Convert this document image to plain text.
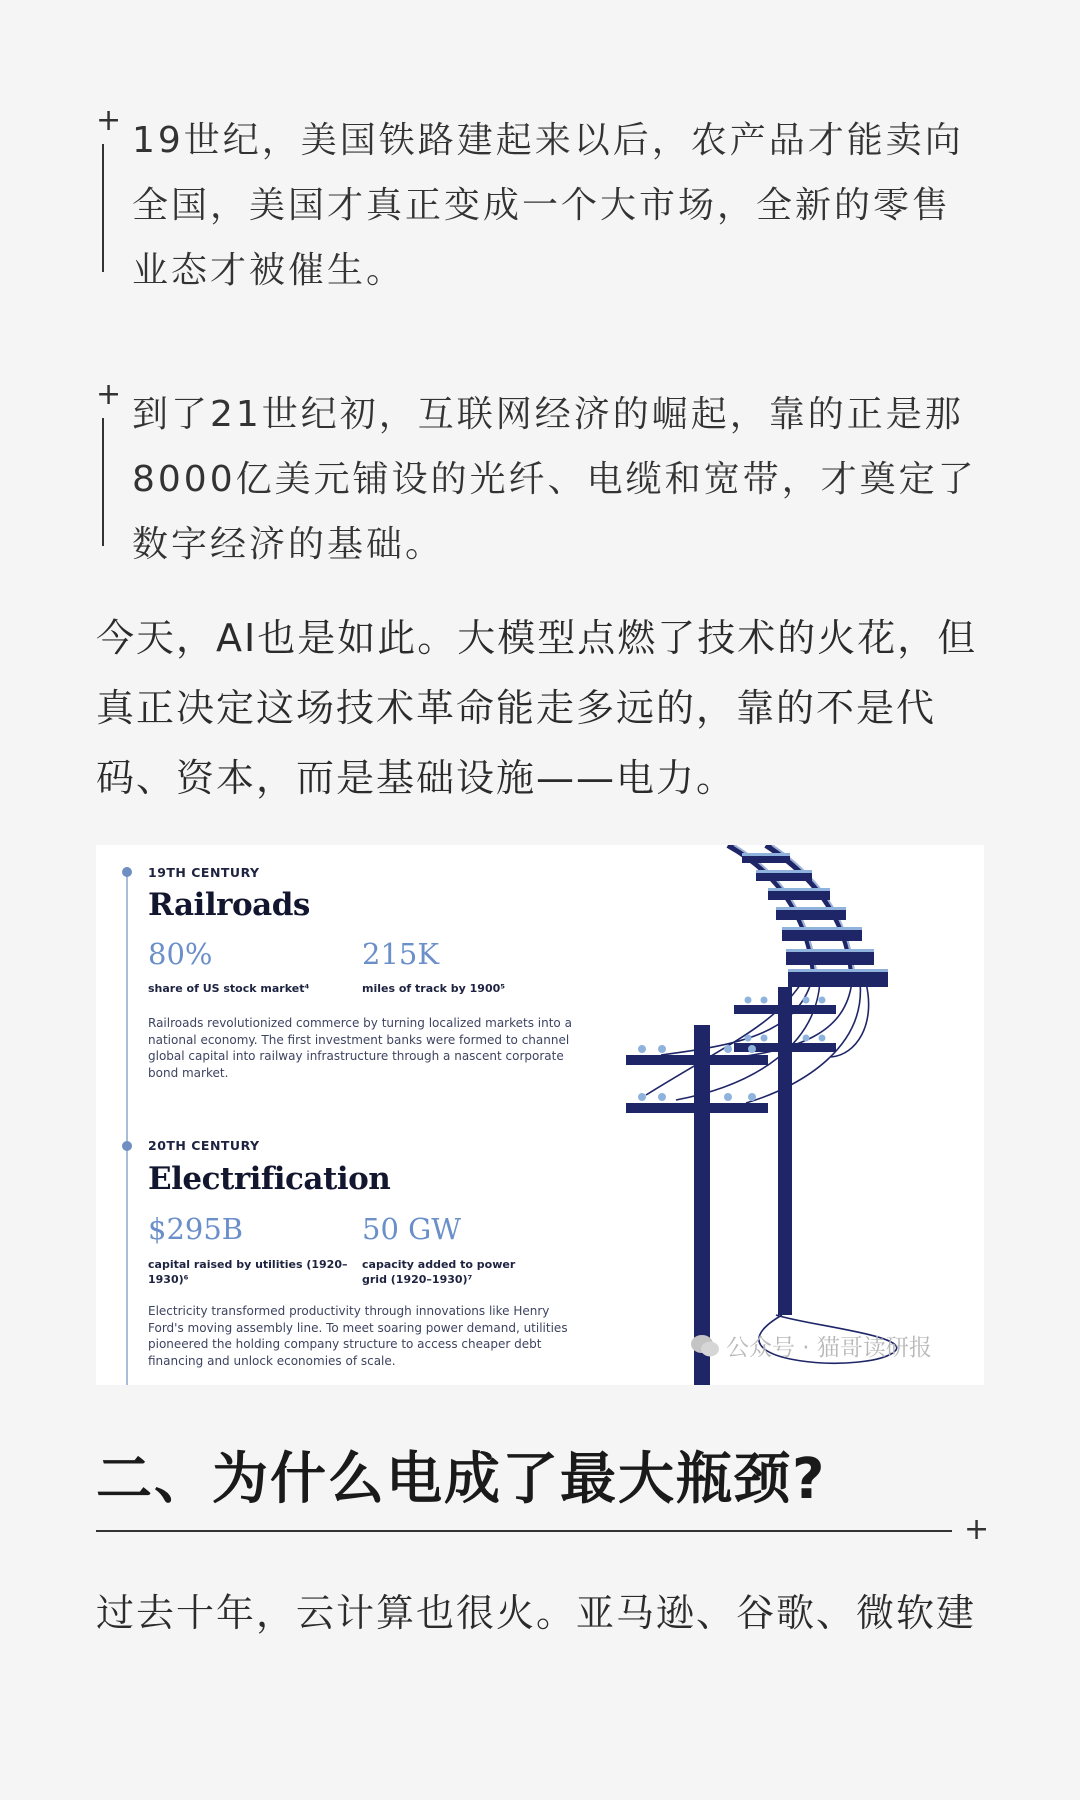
+ 19世纪，美国铁路建起来以后，农产品才能卖向全国，美国才真正变成一个大市场，全新的零售业态才被催生。

+ 到了21世纪初，互联网经济的崛起，靠的正是那8000亿美元铺设的光纤、电缆和宽带，才奠定了数字经济的基础。

今天，AI也是如此。大模型点燃了技术的火花，但真正决定这场技术革命能走多远的，靠的不是代码、资本，而是基础设施——电力。

19TH CENTURY
Railroads
80%
share of US stock market⁴
215K
miles of track by 1900⁵
Railroads revolutionized commerce by turning localized markets into a national economy. The first investment banks were formed to channel global capital into railway infrastructure through a nascent corporate bond market.
20TH CENTURY
Electrification
$295B
capital raised by utilities (1920–1930)⁶
50 GW
capacity added to power grid (1920–1930)⁷
Electricity transformed productivity through innovations like Henry Ford's moving assembly line. To meet soaring power demand, utilities pioneered the holding company structure to access cheaper debt financing and unlock economies of scale.	公众号 · 猫哥读研报
二、为什么电成了最大瓶颈?
+

过去十年，云计算也很火。亚马逊、谷歌、微软建
